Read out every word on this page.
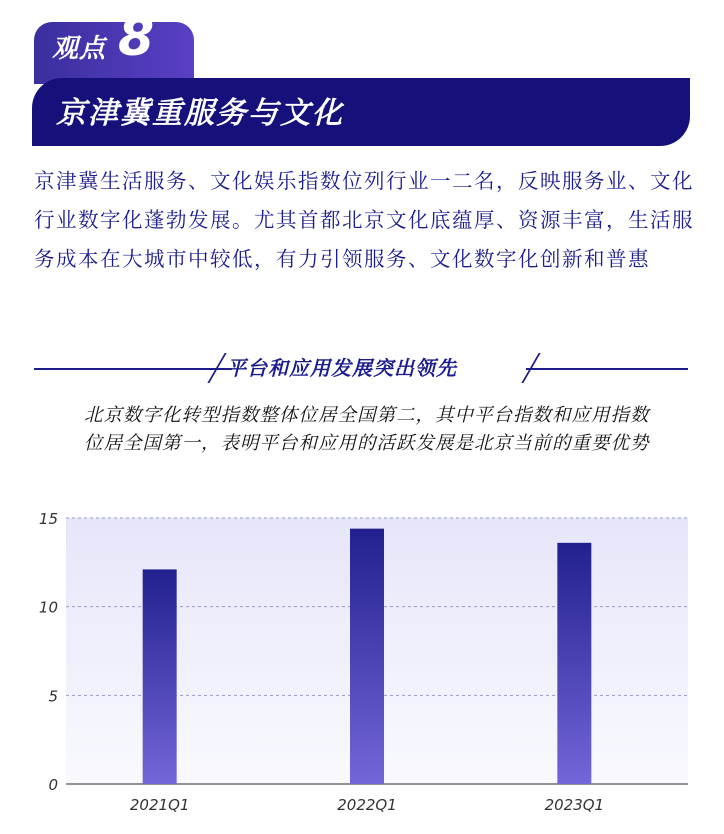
观点 8
京津冀重服务与文化
京津冀生活服务、文化娱乐指数位列行业一二名，反映服务业、文化行业数字化蓬勃发展。尤其首都北京文化底蕴厚、资源丰富，生活服务成本在大城市中较低，有力引领服务、文化数字化创新和普惠
平台和应用发展突出领先
北京数字化转型指数整体位居全国第二，其中平台指数和应用指数位居全国第一，表明平台和应用的活跃发展是北京当前的重要优势
0
5
10
15
2021Q1	2022Q1	2023Q1
